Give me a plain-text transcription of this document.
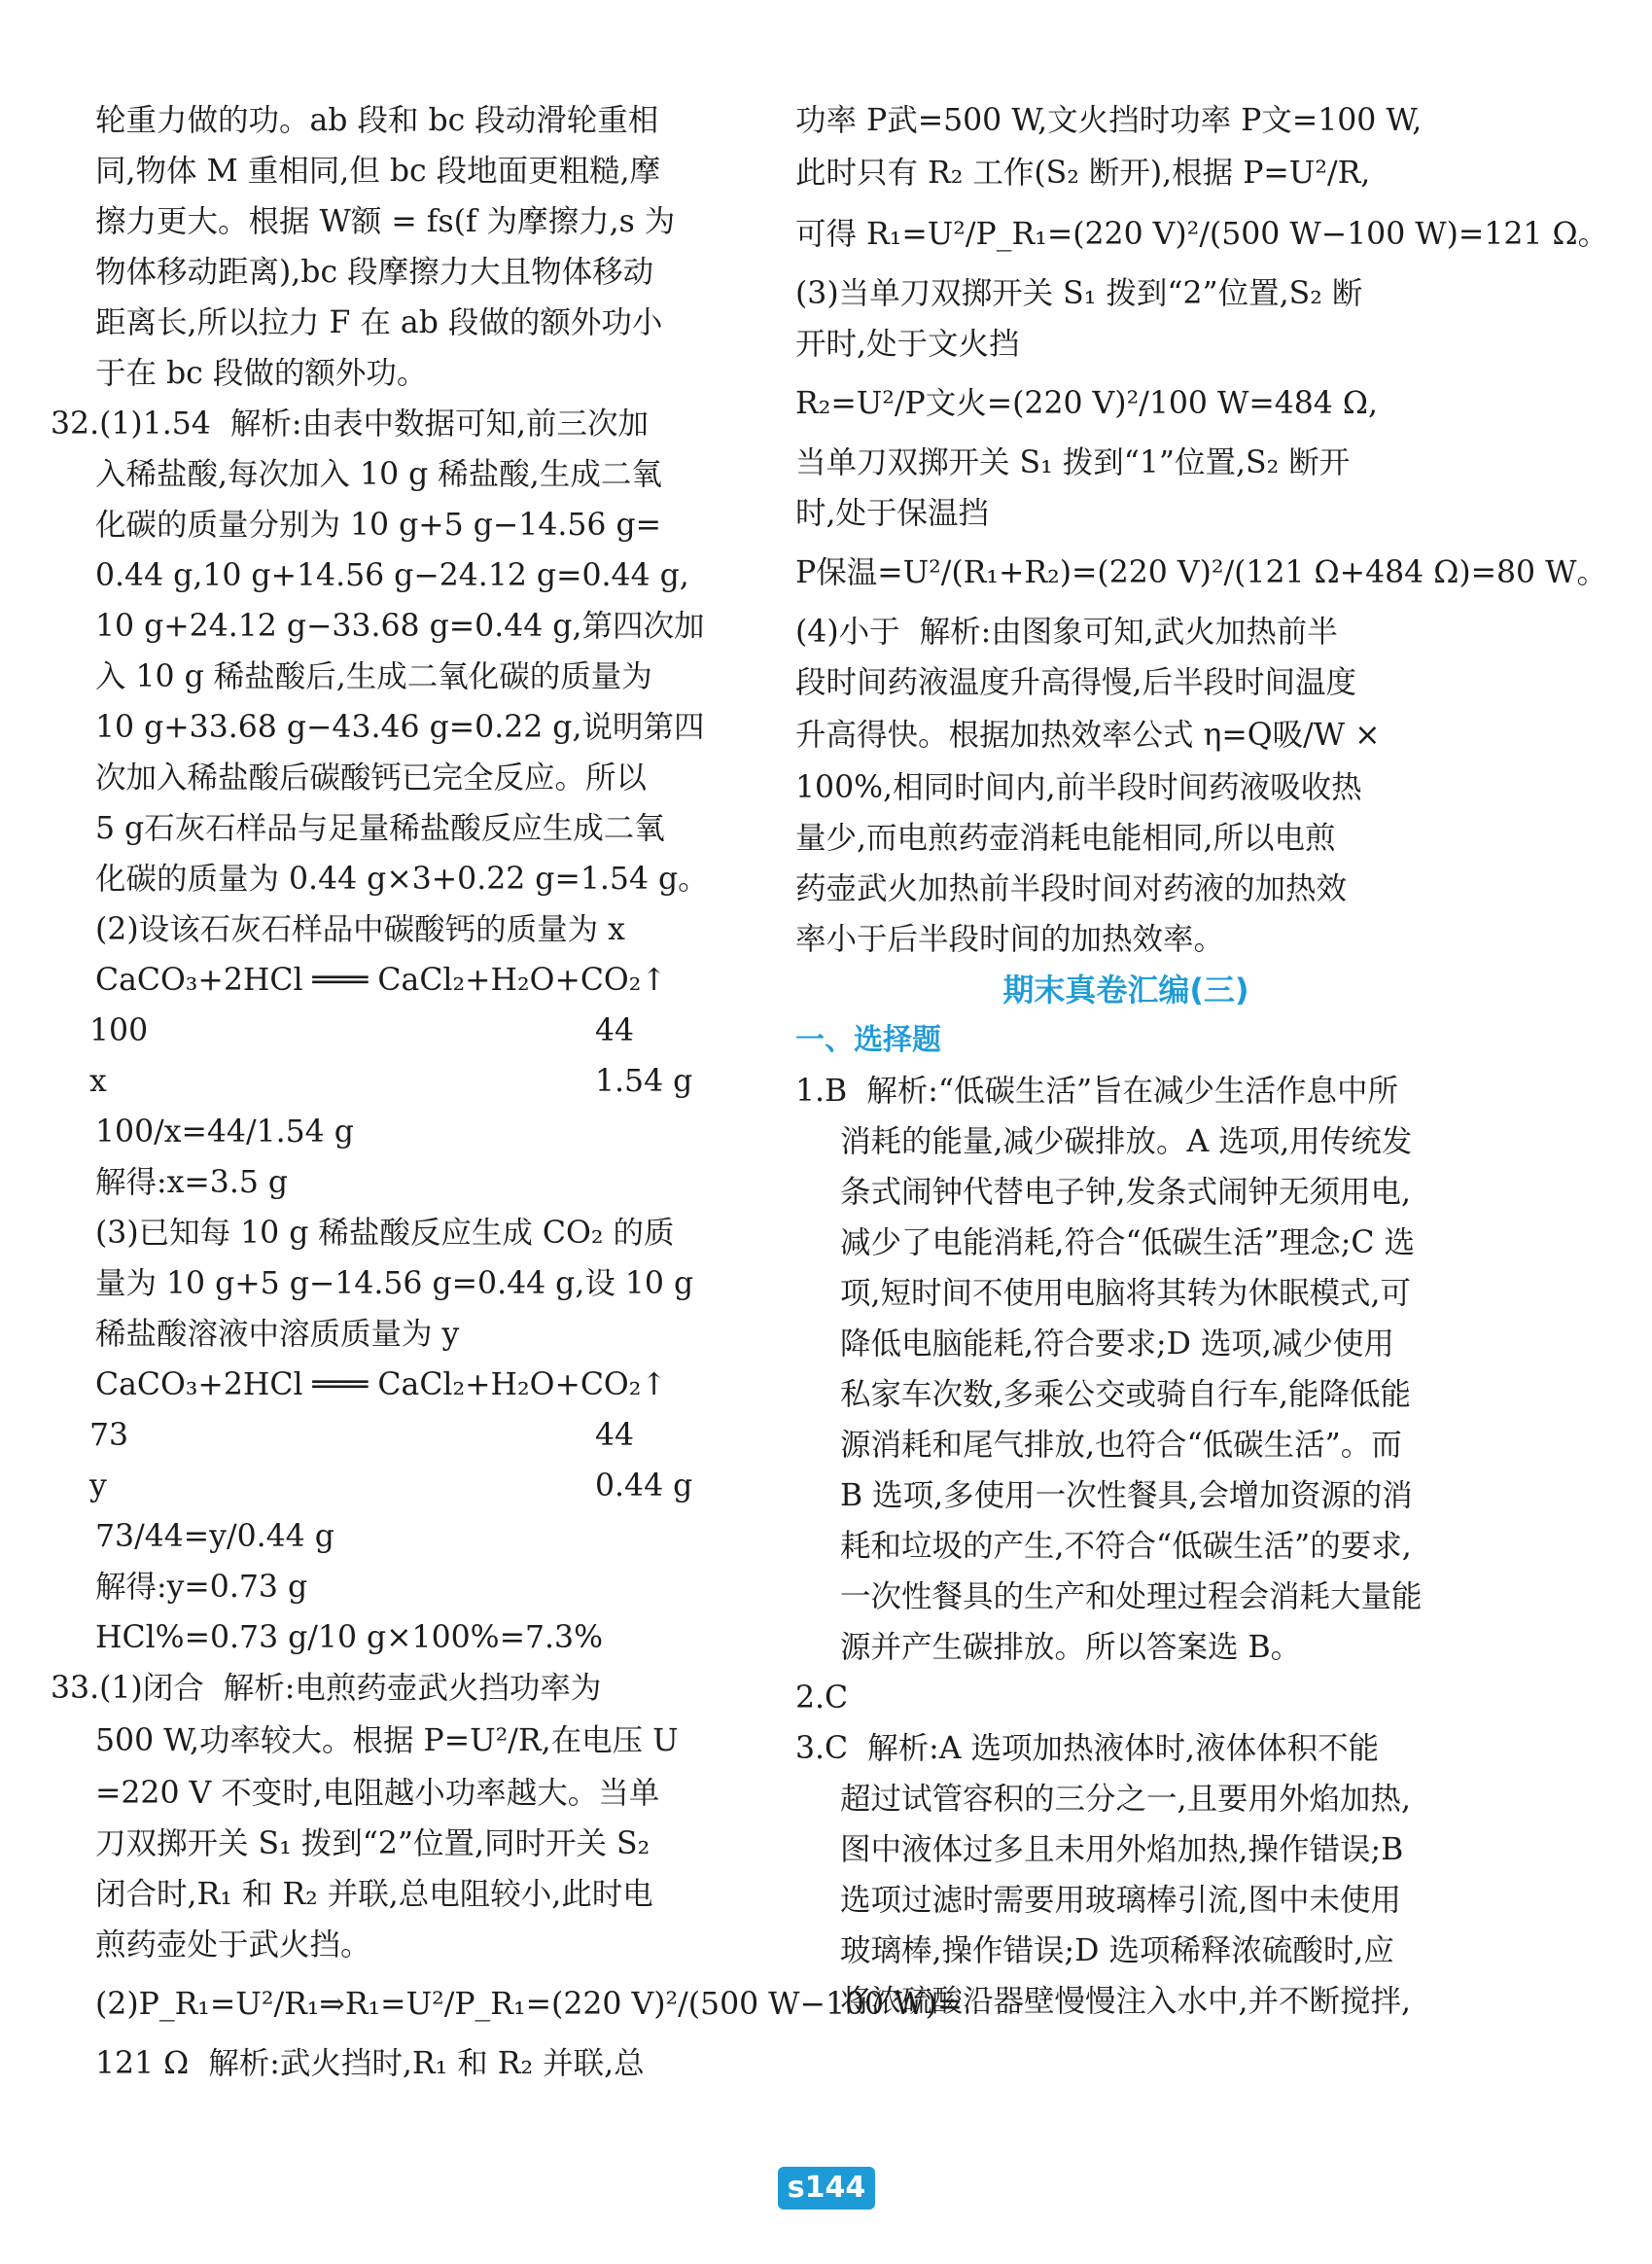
轮重力做的功。ab 段和 bc 段动滑轮重相
同,物体 M 重相同,但 bc 段地面更粗糙,摩
擦力更大。根据 W额 = fs(f 为摩擦力,s 为
物体移动距离),bc 段摩擦力大且物体移动
距离长,所以拉力 F 在 ab 段做的额外功小
于在 bc 段做的额外功。
32.(1)1.54  解析:由表中数据可知,前三次加
入稀盐酸,每次加入 10 g 稀盐酸,生成二氧
化碳的质量分别为 10 g+5 g−14.56 g=
0.44 g,10 g+14.56 g−24.12 g=0.44 g,
10 g+24.12 g−33.68 g=0.44 g,第四次加
入 10 g 稀盐酸后,生成二氧化碳的质量为
10 g+33.68 g−43.46 g=0.22 g,说明第四
次加入稀盐酸后碳酸钙已完全反应。所以
5 g石灰石样品与足量稀盐酸反应生成二氧
化碳的质量为 0.44 g×3+0.22 g=1.54 g。
(2)设该石灰石样品中碳酸钙的质量为 x
CaCO₃+2HCl ═══ CaCl₂+H₂O+CO₂↑
100	44
x	1.54 g
100/x=44/1.54 g
解得:x=3.5 g
(3)已知每 10 g 稀盐酸反应生成 CO₂ 的质
量为 10 g+5 g−14.56 g=0.44 g,设 10 g
稀盐酸溶液中溶质质量为 y
CaCO₃+2HCl ═══ CaCl₂+H₂O+CO₂↑
73	44
y	0.44 g
73/44=y/0.44 g
解得:y=0.73 g
HCl%=0.73 g/10 g×100%=7.3%
33.(1)闭合  解析:电煎药壶武火挡功率为
500 W,功率较大。根据 P=U²/R,在电压 U
=220 V 不变时,电阻越小功率越大。当单
刀双掷开关 S₁ 拨到“2”位置,同时开关 S₂
闭合时,R₁ 和 R₂ 并联,总电阻较小,此时电
煎药壶处于武火挡。
(2)P_R₁=U²/R₁⇒R₁=U²/P_R₁=(220 V)²/(500 W−100 W)=
121 Ω  解析:武火挡时,R₁ 和 R₂ 并联,总
功率 P武=500 W,文火挡时功率 P文=100 W,
此时只有 R₂ 工作(S₂ 断开),根据 P=U²/R,
可得 R₁=U²/P_R₁=(220 V)²/(500 W−100 W)=121 Ω。
(3)当单刀双掷开关 S₁ 拨到“2”位置,S₂ 断
开时,处于文火挡
R₂=U²/P文火=(220 V)²/100 W=484 Ω,
当单刀双掷开关 S₁ 拨到“1”位置,S₂ 断开
时,处于保温挡
P保温=U²/(R₁+R₂)=(220 V)²/(121 Ω+484 Ω)=80 W。
(4)小于  解析:由图象可知,武火加热前半
段时间药液温度升高得慢,后半段时间温度
升高得快。根据加热效率公式 η=Q吸/W ×
100%,相同时间内,前半段时间药液吸收热
量少,而电煎药壶消耗电能相同,所以电煎
药壶武火加热前半段时间对药液的加热效
率小于后半段时间的加热效率。
期末真卷汇编(三)
一、选择题
1.B  解析:“低碳生活”旨在减少生活作息中所
消耗的能量,减少碳排放。A 选项,用传统发
条式闹钟代替电子钟,发条式闹钟无须用电,
减少了电能消耗,符合“低碳生活”理念;C 选
项,短时间不使用电脑将其转为休眠模式,可
降低电脑能耗,符合要求;D 选项,减少使用
私家车次数,多乘公交或骑自行车,能降低能
源消耗和尾气排放,也符合“低碳生活”。而
B 选项,多使用一次性餐具,会增加资源的消
耗和垃圾的产生,不符合“低碳生活”的要求,
一次性餐具的生产和处理过程会消耗大量能
源并产生碳排放。所以答案选 B。
2.C
3.C  解析:A 选项加热液体时,液体体积不能
超过试管容积的三分之一,且要用外焰加热,
图中液体过多且未用外焰加热,操作错误;B
选项过滤时需要用玻璃棒引流,图中未使用
玻璃棒,操作错误;D 选项稀释浓硫酸时,应
将浓硫酸沿器壁慢慢注入水中,并不断搅拌,
s144
